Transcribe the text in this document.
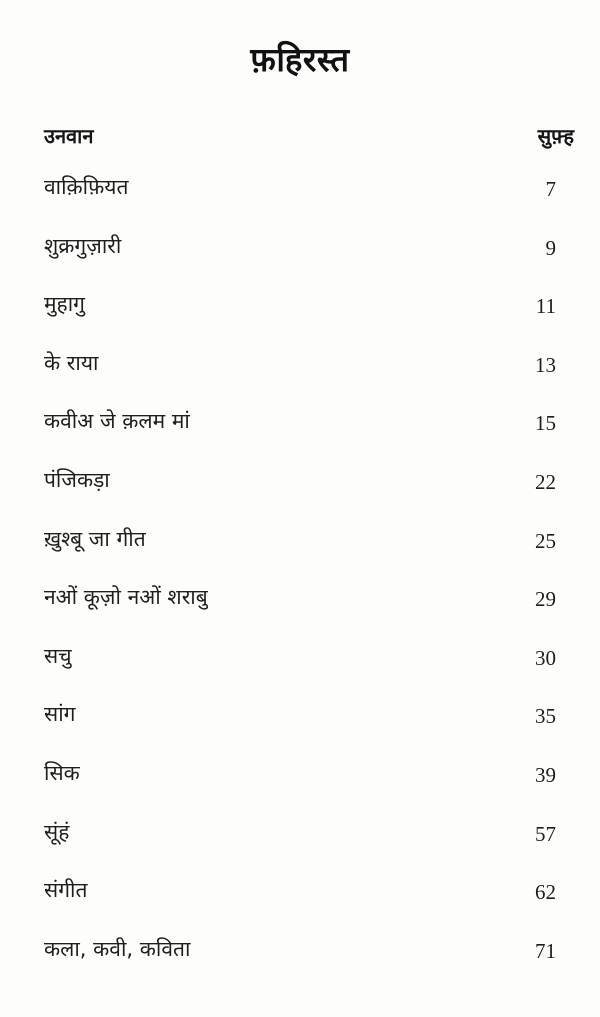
फ़हिरस्त
उनवान	सुफ़्ह
वाक़िफ़ियत	7
शुक्रगुज़ारी	9
मुहागु	11
के राया	13
कवीअ जे क़लम मां	15
पंजिकड़ा	22
ख़ुश्बू जा गीत	25
नओं कूज़ो नओं शराबु	29
सचु	30
सांग	35
सिक	39
सूंहं	57
संगीत	62
कला, कवी, कविता	71
